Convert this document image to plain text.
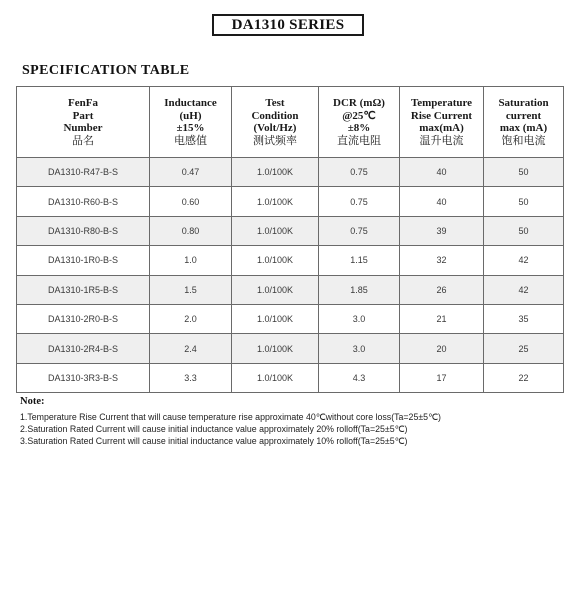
DA1310 SERIES
SPECIFICATION TABLE
FenFa
Part
Number
品名	Inductance
(uH)
±15%
电感值	Test
Condition
(Volt/Hz)
测试频率	DCR (mΩ)
@25℃
±8%
直流电阻	Temperature
Rise Current
max(mA)
温升电流	Saturation
current
max (mA)
饱和电流

DA1310-R47-B-S	0.47	1.0/100K	0.75	40	50
DA1310-R60-B-S	0.60	1.0/100K	0.75	40	50
DA1310-R80-B-S	0.80	1.0/100K	0.75	39	50
DA1310-1R0-B-S	1.0	1.0/100K	1.15	32	42
DA1310-1R5-B-S	1.5	1.0/100K	1.85	26	42
DA1310-2R0-B-S	2.0	1.0/100K	3.0	21	35
DA1310-2R4-B-S	2.4	1.0/100K	3.0	20	25
DA1310-3R3-B-S	3.3	1.0/100K	4.3	17	22
Note:
1.Temperature Rise Current that will cause temperature rise approximate 40℃without core loss(Ta=25±5℃)
2.Saturation Rated Current will cause initial inductance value approximately 20% rolloff(Ta=25±5℃)
3.Saturation Rated Current will cause initial inductance value approximately 10% rolloff(Ta=25±5℃)
